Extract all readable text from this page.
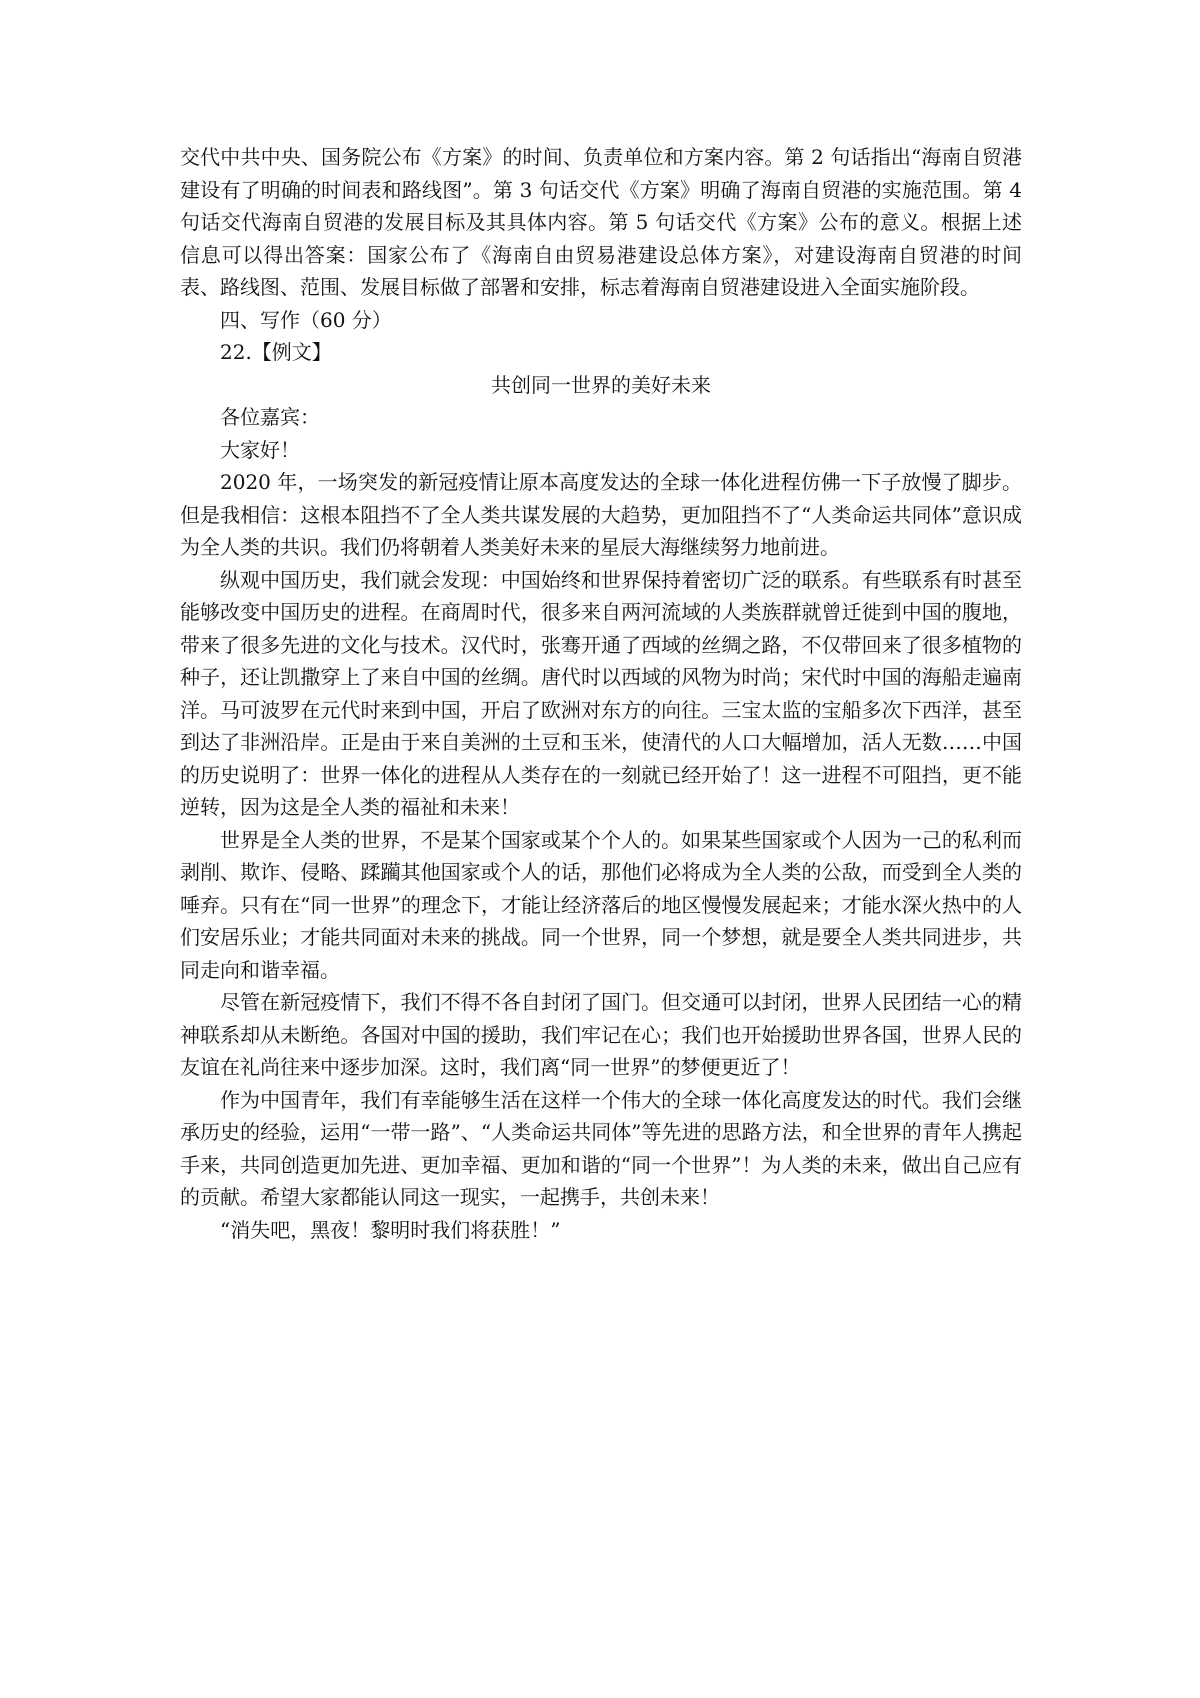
交代中共中央、国务院公布《方案》的时间、负责单位和方案内容。第 2 句话指出“海南自贸港建设有了明确的时间表和路线图”。第 3 句话交代《方案》明确了海南自贸港的实施范围。第 4 句话交代海南自贸港的发展目标及其具体内容。第 5 句话交代《方案》公布的意义。根据上述信息可以得出答案：国家公布了《海南自由贸易港建设总体方案》，对建设海南自贸港的时间表、路线图、范围、发展目标做了部署和安排，标志着海南自贸港建设进入全面实施阶段。

四、写作（60 分）

22.【例文】

共创同一世界的美好未来

各位嘉宾：

大家好！

2020 年，一场突发的新冠疫情让原本高度发达的全球一体化进程仿佛一下子放慢了脚步。但是我相信：这根本阻挡不了全人类共谋发展的大趋势，更加阻挡不了“人类命运共同体”意识成为全人类的共识。我们仍将朝着人类美好未来的星辰大海继续努力地前进。

纵观中国历史，我们就会发现：中国始终和世界保持着密切广泛的联系。有些联系有时甚至能够改变中国历史的进程。在商周时代，很多来自两河流域的人类族群就曾迁徙到中国的腹地，带来了很多先进的文化与技术。汉代时，张骞开通了西域的丝绸之路，不仅带回来了很多植物的种子，还让凯撒穿上了来自中国的丝绸。唐代时以西域的风物为时尚；宋代时中国的海船走遍南洋。马可波罗在元代时来到中国，开启了欧洲对东方的向往。三宝太监的宝船多次下西洋，甚至到达了非洲沿岸。正是由于来自美洲的土豆和玉米，使清代的人口大幅增加，活人无数……中国的历史说明了：世界一体化的进程从人类存在的一刻就已经开始了！这一进程不可阻挡，更不能逆转，因为这是全人类的福祉和未来！

世界是全人类的世界，不是某个国家或某个个人的。如果某些国家或个人因为一己的私利而剥削、欺诈、侵略、蹂躏其他国家或个人的话，那他们必将成为全人类的公敌，而受到全人类的唾弃。只有在“同一世界”的理念下，才能让经济落后的地区慢慢发展起来；才能水深火热中的人们安居乐业；才能共同面对未来的挑战。同一个世界，同一个梦想，就是要全人类共同进步，共同走向和谐幸福。

尽管在新冠疫情下，我们不得不各自封闭了国门。但交通可以封闭，世界人民团结一心的精神联系却从未断绝。各国对中国的援助，我们牢记在心；我们也开始援助世界各国，世界人民的友谊在礼尚往来中逐步加深。这时，我们离“同一世界”的梦便更近了！

作为中国青年，我们有幸能够生活在这样一个伟大的全球一体化高度发达的时代。我们会继承历史的经验，运用“一带一路”、“人类命运共同体”等先进的思路方法，和全世界的青年人携起手来，共同创造更加先进、更加幸福、更加和谐的“同一个世界”！为人类的未来，做出自己应有的贡献。希望大家都能认同这一现实，一起携手，共创未来！

“消失吧，黑夜！黎明时我们将获胜！”
